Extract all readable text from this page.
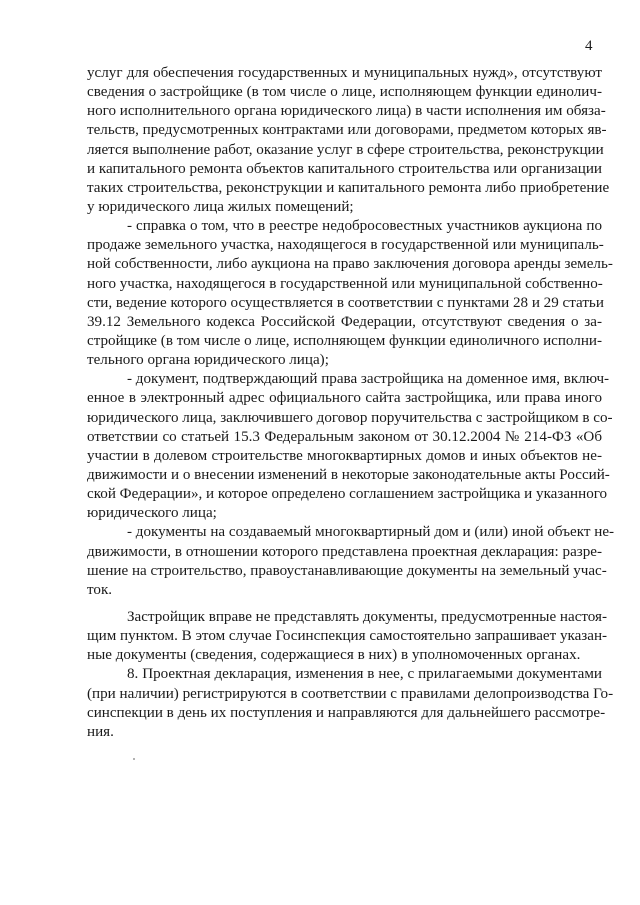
4
услуг для обеспечения государственных и муниципальных нужд», отсутствуют
сведения о застройщике (в том числе о лице, исполняющем функции единолич-
ного исполнительного органа юридического лица) в части исполнения им обяза-
тельств, предусмотренных контрактами или договорами, предметом которых яв-
ляется выполнение работ, оказание услуг в сфере строительства, реконструкции
и капитального ремонта объектов капитального строительства или организации
таких строительства, реконструкции и капитального ремонта либо приобретение
у юридического лица жилых помещений;
- справка о том, что в реестре недобросовестных участников аукциона по
продаже земельного участка, находящегося в государственной или муниципаль-
ной собственности, либо аукциона на право заключения договора аренды земель-
ного участка, находящегося в государственной или муниципальной собственно-
сти, ведение которого осуществляется в соответствии с пунктами 28 и 29 статьи
39.12 Земельного кодекса Российской Федерации, отсутствуют сведения о за-
стройщике (в том числе о лице, исполняющем функции единоличного исполни-
тельного органа юридического лица);
- документ, подтверждающий права застройщика на доменное имя, включ-
енное в электронный адрес официального сайта застройщика, или права иного
юридического лица, заключившего договор поручительства с застройщиком в со-
ответствии со статьей 15.3 Федеральным законом от 30.12.2004 № 214-ФЗ «Об
участии в долевом строительстве многоквартирных домов и иных объектов не-
движимости и о внесении изменений в некоторые законодательные акты Россий-
ской Федерации», и которое определено соглашением застройщика и указанного
юридического лица;
- документы на создаваемый многоквартирный дом и (или) иной объект не-
движимости, в отношении которого представлена проектная декларация: разре-
шение на строительство, правоустанавливающие документы на земельный учас-
ток.
Застройщик вправе не представлять документы, предусмотренные настоя-
щим пунктом. В этом случае Госинспекция самостоятельно запрашивает указан-
ные документы (сведения, содержащиеся в них) в уполномоченных органах.
8. Проектная декларация, изменения в нее, с прилагаемыми документами
(при наличии) регистрируются в соответствии с правилами делопроизводства Го-
синспекции в день их поступления и направляются для дальнейшего рассмотре-
ния.
